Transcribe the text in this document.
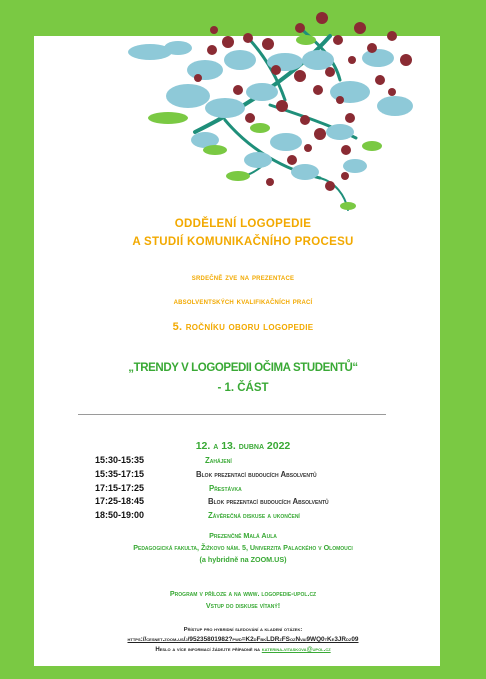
ODDĚLENÍ LOGOPEDIE

A STUDIÍ KOMUNIKAČNÍHO PROCESU

srdečně zve na prezentace

absolventských kvalifikačních prací

5. ročníku oboru logopedie

„TRENDY V LOGOPEDII OČIMA STUDENTŮ“

- 1. ČÁST

12. a 13. dubna 2022

15:30-15:35	Zahájení
15:35-17:15	Blok prezentací budoucích Absolventů
17:15-17:25	Přestávka
17:25-18:45	Blok prezentací budoucích Absolventů
18:50-19:00	Závěrečná diskuse a ukončení

Prezenčně Malá Aula

Pedagogická fakulta, Žižkovo nám. 5, Univerzita Palackého v Olomouci

(a hybridně na ZOOM.US)

Program v příloze a na www. logopedie-upol.cz

Vstup do diskuse vítaný!

Přístup pro hybridní sledování a kladení otázek:

https://cesnet.zoom.us/j/95235801982?pwd=K2dFbkLDRzFSozNvai9WQ0tKe3JRdz09

Heslo a více informací žádejte případně na katerina.vitaskova@upol.cz
